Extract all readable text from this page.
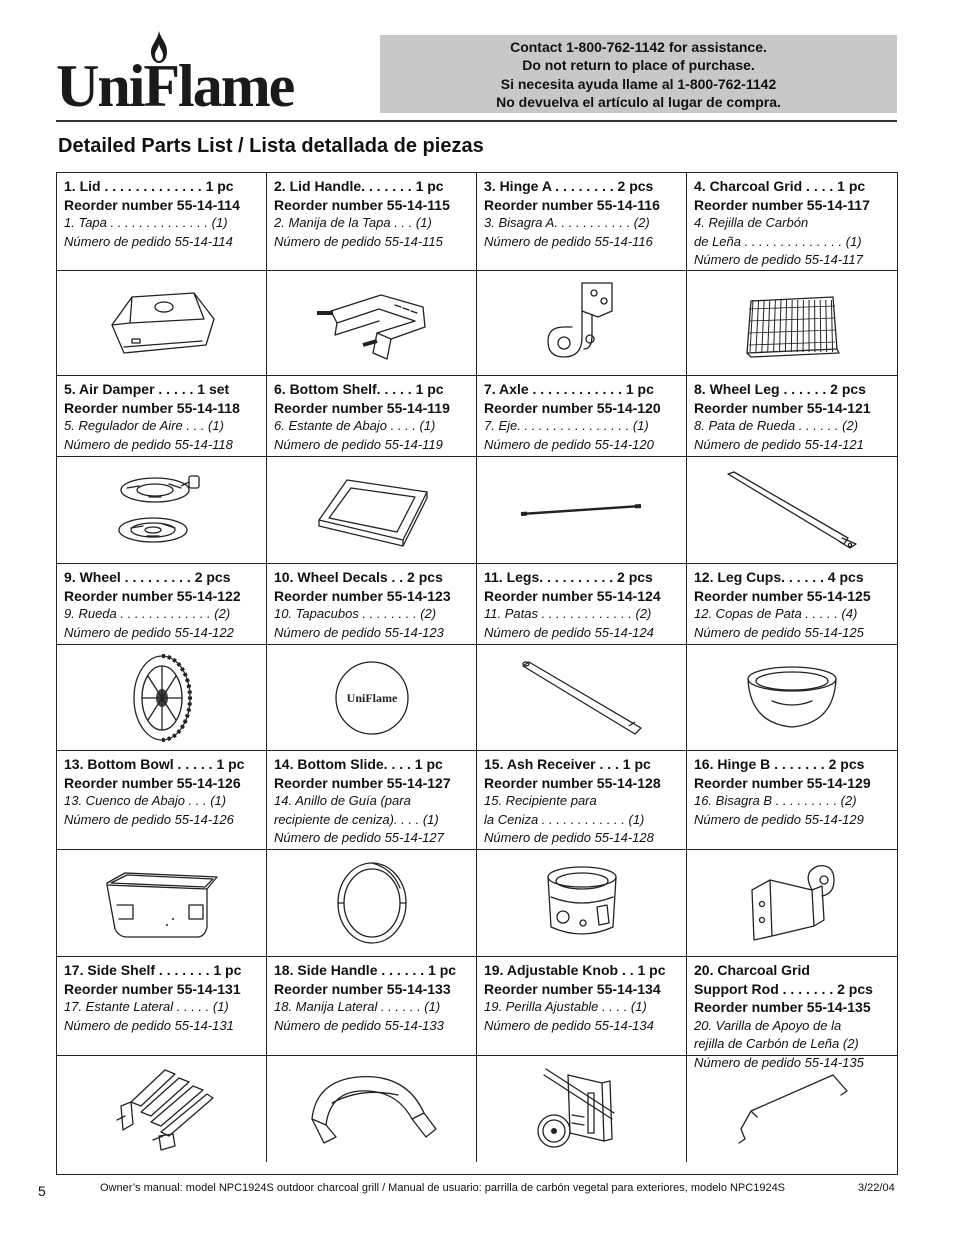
UniFlame
Contact 1-800-762-1142 for assistance.
Do not return to place of purchase.
Si necesita ayuda llame al 1-800-762-1142
No devuelva el artículo al lugar de compra.
Detailed Parts List / Lista detallada de piezas
1. Lid . . . . . . . . . . . . . 1 pc
Reorder number 55-14-114
1. Tapa . . . . . . . . . . . . . . (1)
Número de pedido 55-14-114
2. Lid Handle. . . . . . . 1 pc
Reorder number 55-14-115
2. Manija de la Tapa . . . (1)
Número de pedido 55-14-115
3. Hinge A . . . . . . . . 2 pcs
Reorder number 55-14-116
3. Bisagra A. . . . . . . . . . . (2)
Número de pedido 55-14-116
4. Charcoal Grid . . . . 1 pc
Reorder number 55-14-117
4. Rejilla de Carbón
de Leña . . . . . . . . . . . . . . (1)
Número de pedido 55-14-117
5. Air Damper . . . . . 1 set
Reorder number 55-14-118
5. Regulador de Aire . . . (1)
Número de pedido 55-14-118
6. Bottom Shelf. . . . . 1 pc
Reorder number 55-14-119
6. Estante de Abajo . . . . (1)
Número de pedido 55-14-119
7. Axle . . . . . . . . . . . . 1 pc
Reorder number 55-14-120
7. Eje. . . . . . . . . . . . . . . . (1)
Número de pedido 55-14-120
8. Wheel Leg . . . . . . 2 pcs
Reorder number 55-14-121
8. Pata de Rueda . . . . . . (2)
Número de pedido 55-14-121
9. Wheel . . . . . . . . . 2 pcs
Reorder number 55-14-122
9. Rueda . . . . . . . . . . . . . (2)
Número de pedido 55-14-122
10. Wheel Decals . . 2 pcs
Reorder number 55-14-123
10. Tapacubos . . . . . . . . (2)
Número de pedido 55-14-123
11. Legs. . . . . . . . . . 2 pcs
Reorder number 55-14-124
11. Patas . . . . . . . . . . . . . (2)
Número de pedido 55-14-124
12. Leg Cups. . . . . . 4 pcs
Reorder number 55-14-125
12. Copas de Pata . . . . . (4)
Número de pedido 55-14-125
UniFlame
13. Bottom Bowl . . . . . 1 pc
Reorder number 55-14-126
13. Cuenco de Abajo . . . (1)
Número de pedido 55-14-126
14. Bottom Slide. . . . 1 pc
Reorder number 55-14-127
14. Anillo de Guía (para
recipiente de ceniza). . . . (1)
Número de pedido 55-14-127
15. Ash Receiver . . . 1 pc
Reorder number 55-14-128
15. Recipiente para
la Ceniza . . . . . . . . . . . . (1)
Número de pedido 55-14-128
16. Hinge B . . . . . . . 2 pcs
Reorder number 55-14-129
16. Bisagra B . . . . . . . . . (2)
Número de pedido 55-14-129
17. Side Shelf . . . . . . . 1 pc
Reorder number 55-14-131
17. Estante Lateral . . . . . (1)
Número de pedido 55-14-131
18. Side Handle . . . . . . 1 pc
Reorder number 55-14-133
18. Manija Lateral . . . . . . (1)
Número de pedido 55-14-133
19. Adjustable Knob . . 1 pc
Reorder number 55-14-134
19. Perilla Ajustable . . . . (1)
Número de pedido 55-14-134
20. Charcoal Grid
Support Rod . . . . . . . 2 pcs
Reorder number 55-14-135
20. Varilla de Apoyo de la
rejilla de Carbón de Leña (2)
Número de pedido 55-14-135
5	Owner’s manual: model NPC1924S outdoor charcoal grill / Manual de usuario: parrilla de carbón vegetal para exteriores, modelo NPC1924S	3/22/04
